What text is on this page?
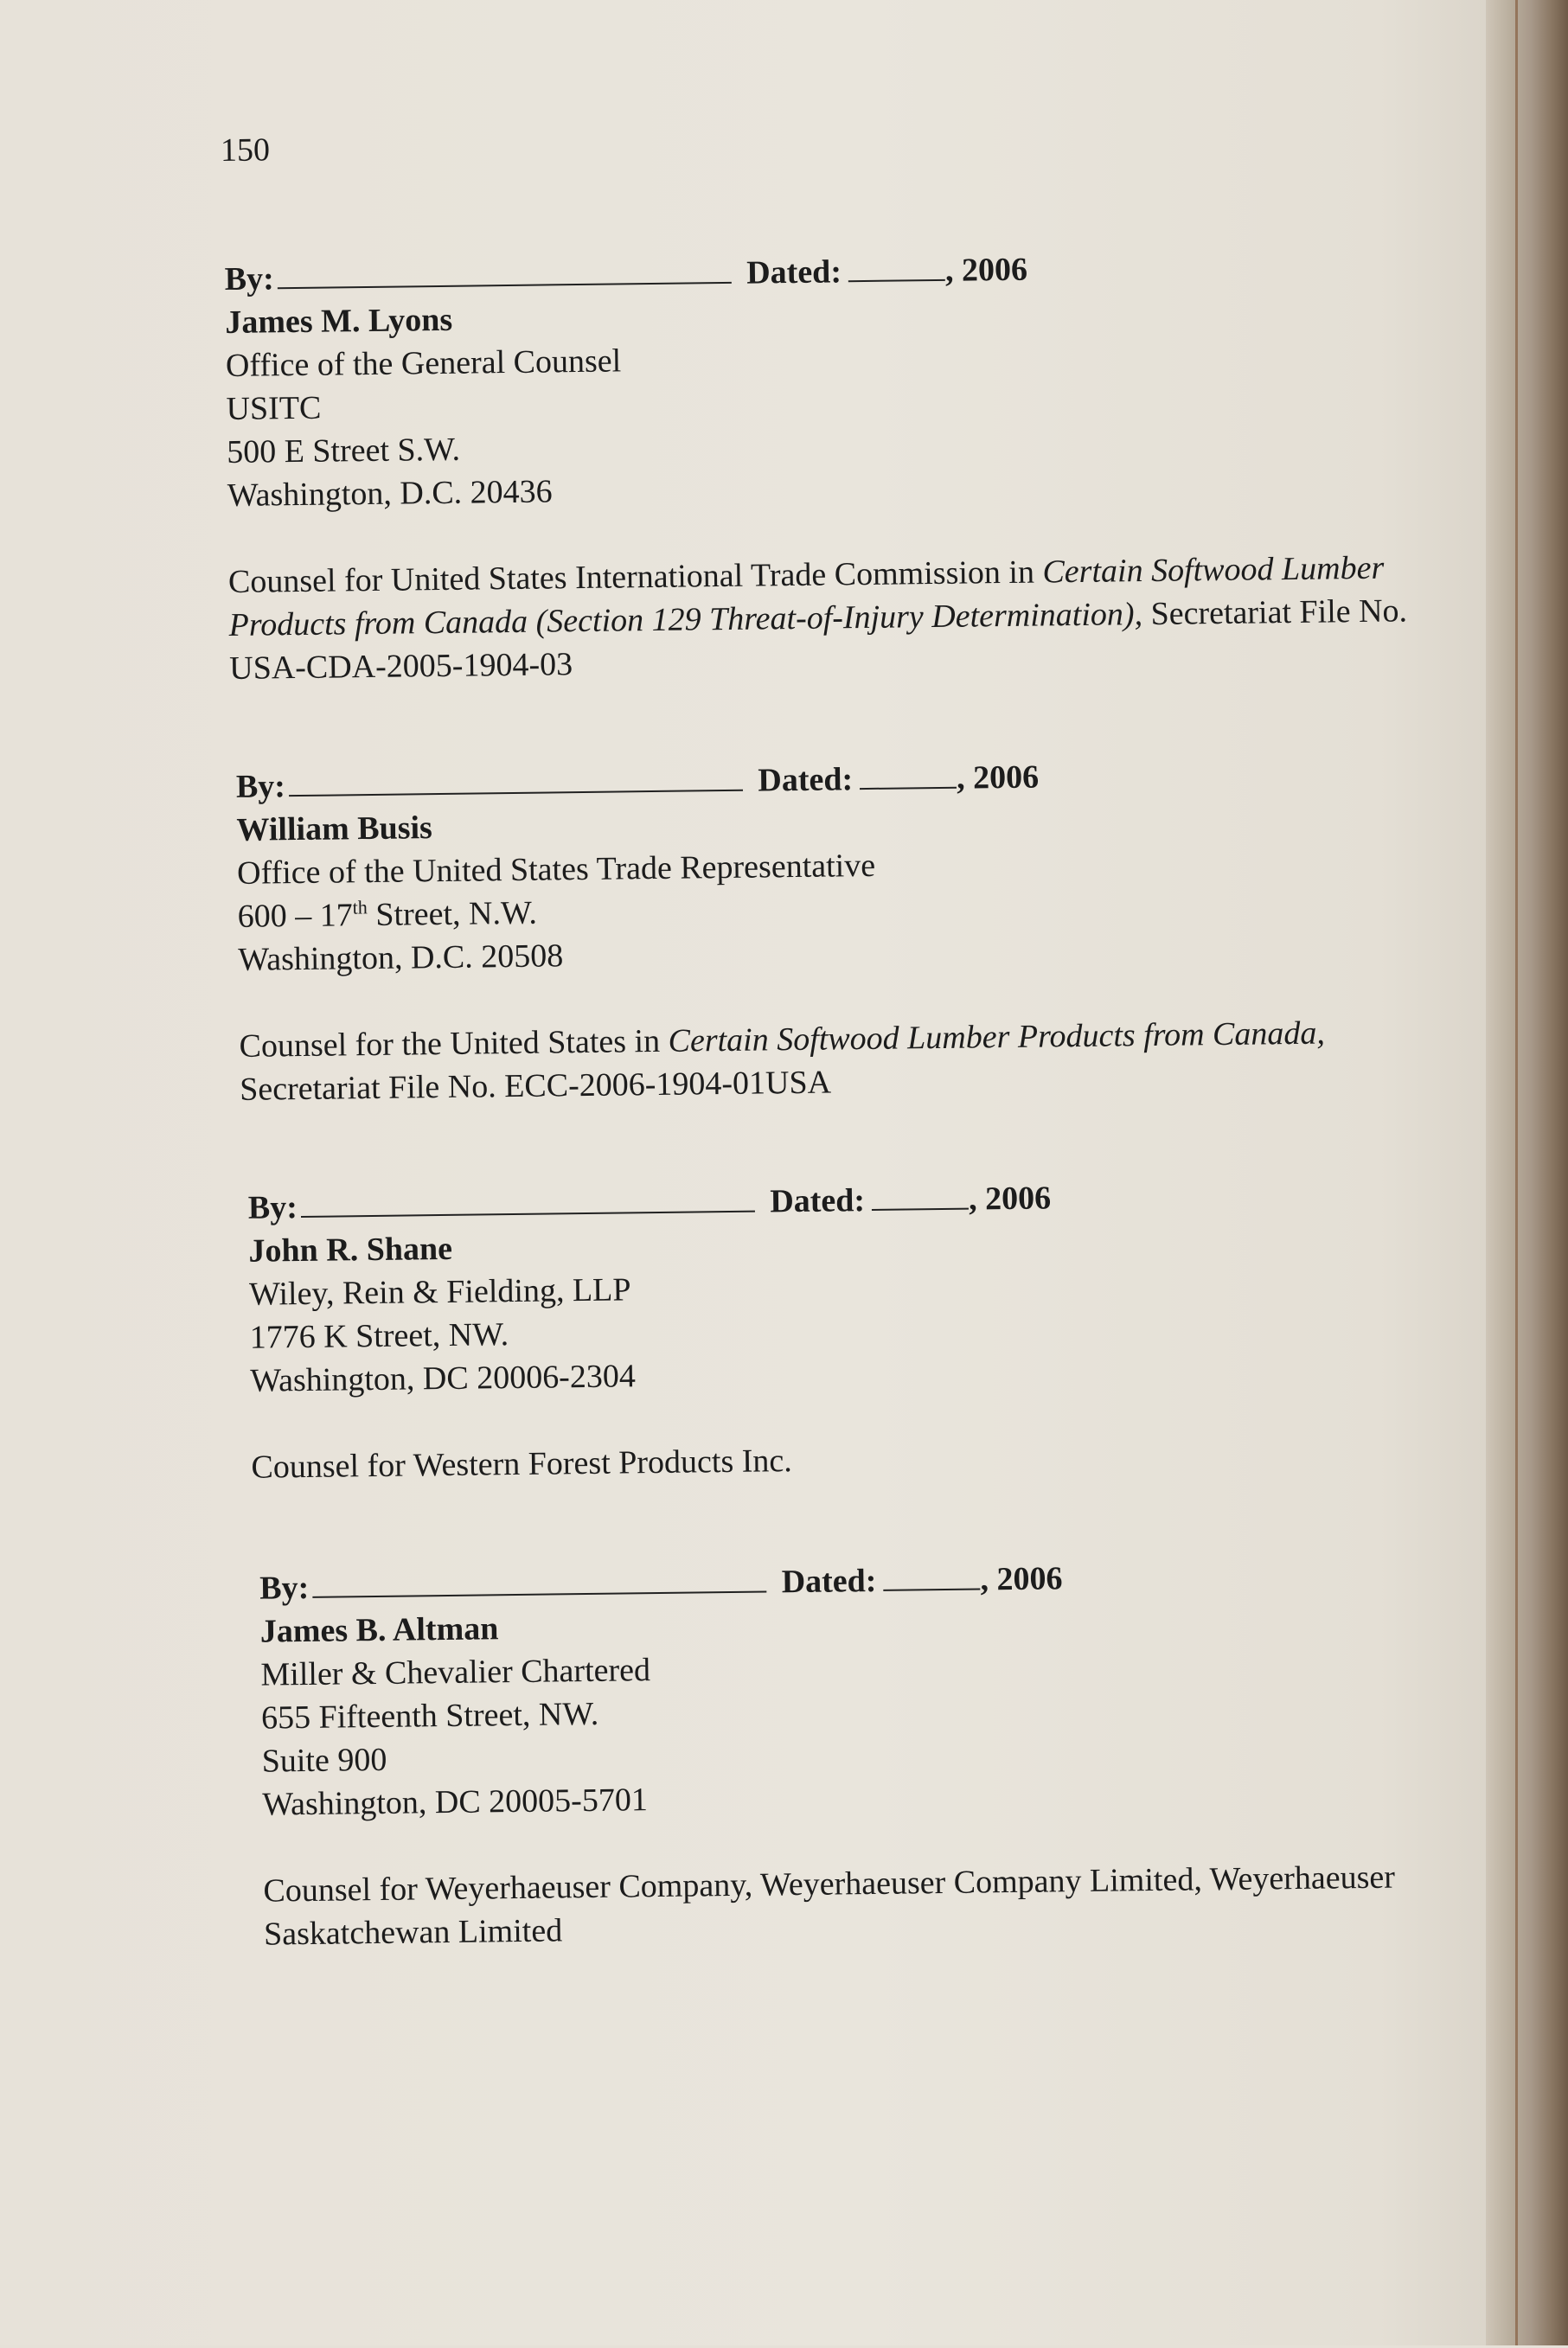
150
By:	Dated:	, 2006
James M. Lyons
Office of the General Counsel
USITC
500 E Street S.W.
Washington, D.C. 20436
Counsel for United States International Trade Commission in Certain Softwood Lumber Products from Canada (Section 129 Threat-of-Injury Determination), Secretariat File No. USA-CDA-2005-1904-03
By:	Dated:	, 2006
William Busis
Office of the United States Trade Representative
600 – 17th Street, N.W.
Washington, D.C. 20508
Counsel for the United States in Certain Softwood Lumber Products from Canada, Secretariat File No. ECC-2006-1904-01USA
By:	Dated:	, 2006
John R. Shane
Wiley, Rein & Fielding, LLP
1776 K Street, NW.
Washington, DC 20006-2304
Counsel for Western Forest Products Inc.
By:	Dated:	, 2006
James B. Altman
Miller & Chevalier Chartered
655 Fifteenth Street, NW.
Suite 900
Washington, DC 20005-5701
Counsel for Weyerhaeuser Company, Weyerhaeuser Company Limited, Weyerhaeuser Saskatchewan Limited
